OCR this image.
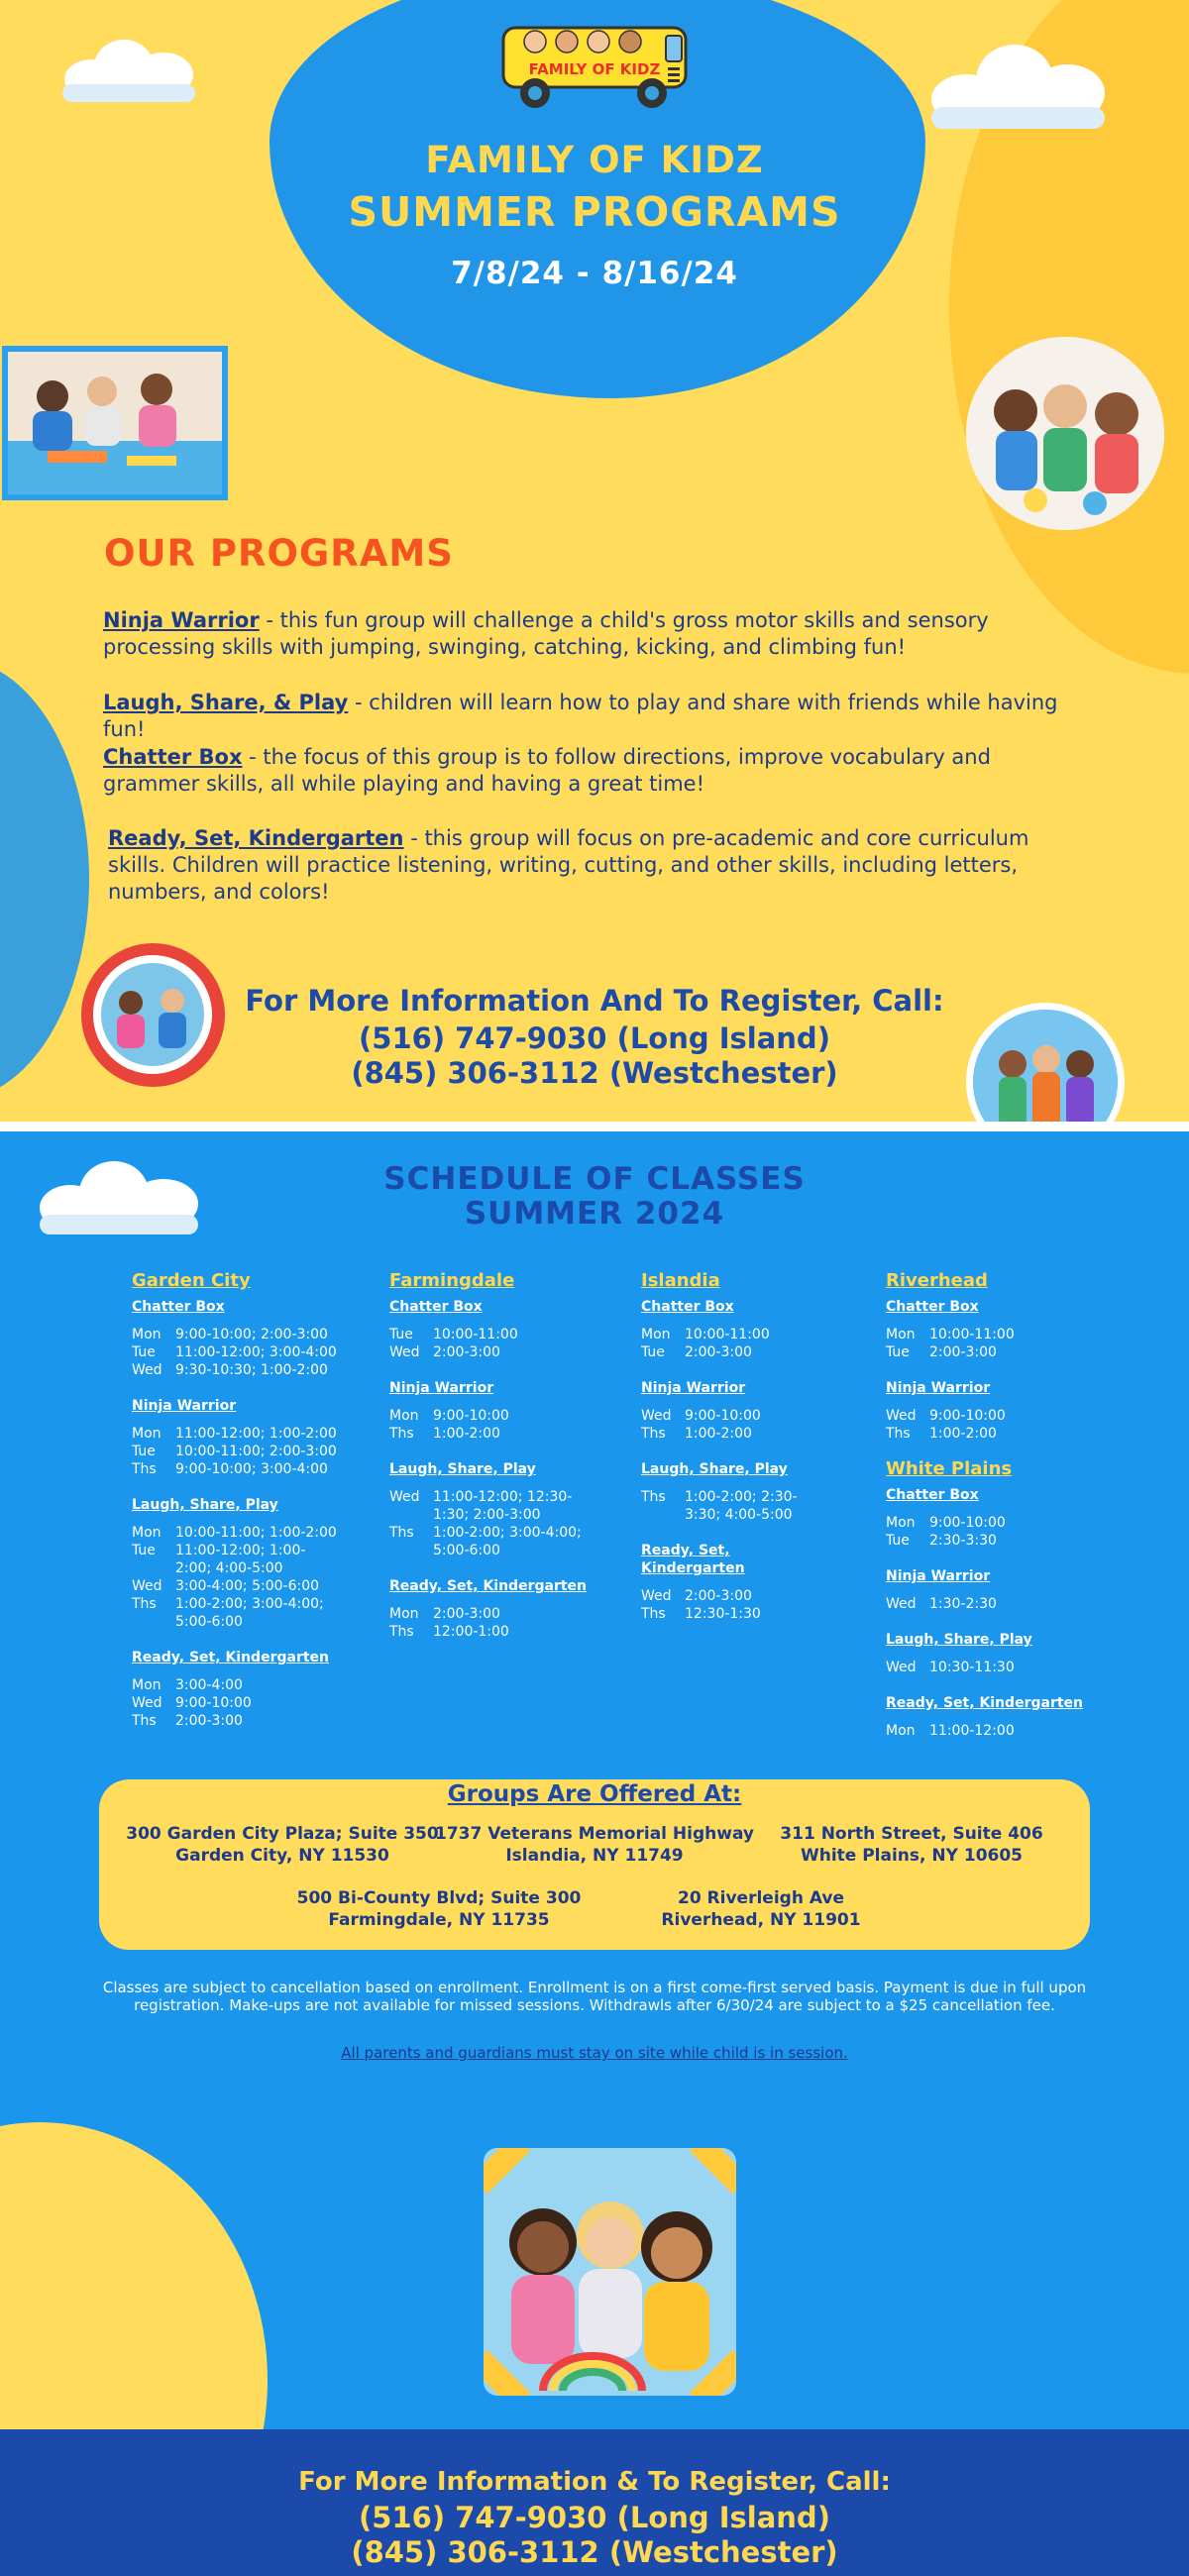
FAMILY OF KIDZ
FAMILY OF KIDZ
SUMMER PROGRAMS
7/8/24 - 8/16/24
OUR PROGRAMS
Ninja Warrior - this fun group will challenge a child's gross motor skills and sensory processing skills with jumping, swinging, catching, kicking, and climbing fun!
Laugh, Share, & Play - children will learn how to play and share with friends while having fun!
Chatter Box - the focus of this group is to follow directions, improve vocabulary and grammer skills, all while playing and having a great time!
Ready, Set, Kindergarten - this group will focus on pre-academic and core curriculum skills. Children will practice listening, writing, cutting, and other skills, including letters, numbers, and colors!
For More Information And To Register, Call:
(516) 747-9030 (Long Island)
(845) 306-3112 (Westchester)
SCHEDULE OF CLASSES
SUMMER 2024
Garden City
Chatter Box
Mon	9:00-10:00; 2:00-3:00
Tue	11:00-12:00; 3:00-4:00
Wed 9:30-10:30; 1:00-2:00
Ninja Warrior
Mon	11:00-12:00; 1:00-2:00
Tue	10:00-11:00; 2:00-3:00
Ths	9:00-10:00; 3:00-4:00
Laugh, Share, Play
Mon	10:00-11:00; 1:00-2:00
Tue	11:00-12:00; 1:00-2:00; 4:00-5:00
Wed 3:00-4:00; 5:00-6:00
Ths	1:00-2:00; 3:00-4:00; 5:00-6:00
Ready, Set, Kindergarten
Mon	3:00-4:00
Wed 9:00-10:00
Ths	2:00-3:00
Farmingdale
Chatter Box
Tue	10:00-11:00
Wed 2:00-3:00
Ninja Warrior
Mon	9:00-10:00
Ths	1:00-2:00
Laugh, Share, Play
Wed 11:00-12:00; 12:30-1:30; 2:00-3:00
Ths	1:00-2:00; 3:00-4:00; 5:00-6:00
Ready, Set, Kindergarten
Mon	2:00-3:00
Ths	12:00-1:00
Islandia
Chatter Box
Mon	10:00-11:00
Tue	2:00-3:00
Ninja Warrior
Wed 9:00-10:00
Ths	1:00-2:00
Laugh, Share, Play
Ths	1:00-2:00; 2:30-3:30; 4:00-5:00
Ready, Set, Kindergarten
Wed 2:00-3:00
Ths	12:30-1:30
Riverhead
Chatter Box
Mon	10:00-11:00
Tue	2:00-3:00
Ninja Warrior
Wed 9:00-10:00
Ths	1:00-2:00
White Plains
Chatter Box
Mon	9:00-10:00
Tue	2:30-3:30
Ninja Warrior
Wed 1:30-2:30
Laugh, Share, Play
Wed 10:30-11:30
Ready, Set, Kindergarten
Mon	11:00-12:00
Groups Are Offered At:
300 Garden City Plaza; Suite 350
Garden City, NY 11530
1737 Veterans Memorial Highway
Islandia, NY 11749
311 North Street, Suite 406
White Plains, NY 10605
500 Bi-County Blvd; Suite 300
Farmingdale, NY 11735
20 Riverleigh Ave
Riverhead, NY 11901
Classes are subject to cancellation based on enrollment. Enrollment is on a first come-first served basis. Payment is due in full upon registration. Make-ups are not available for missed sessions. Withdrawls after 6/30/24 are subject to a $25 cancellation fee.
All parents and guardians must stay on site while child is in session.
For More Information & To Register, Call:
(516) 747-9030 (Long Island)
(845) 306-3112 (Westchester)
